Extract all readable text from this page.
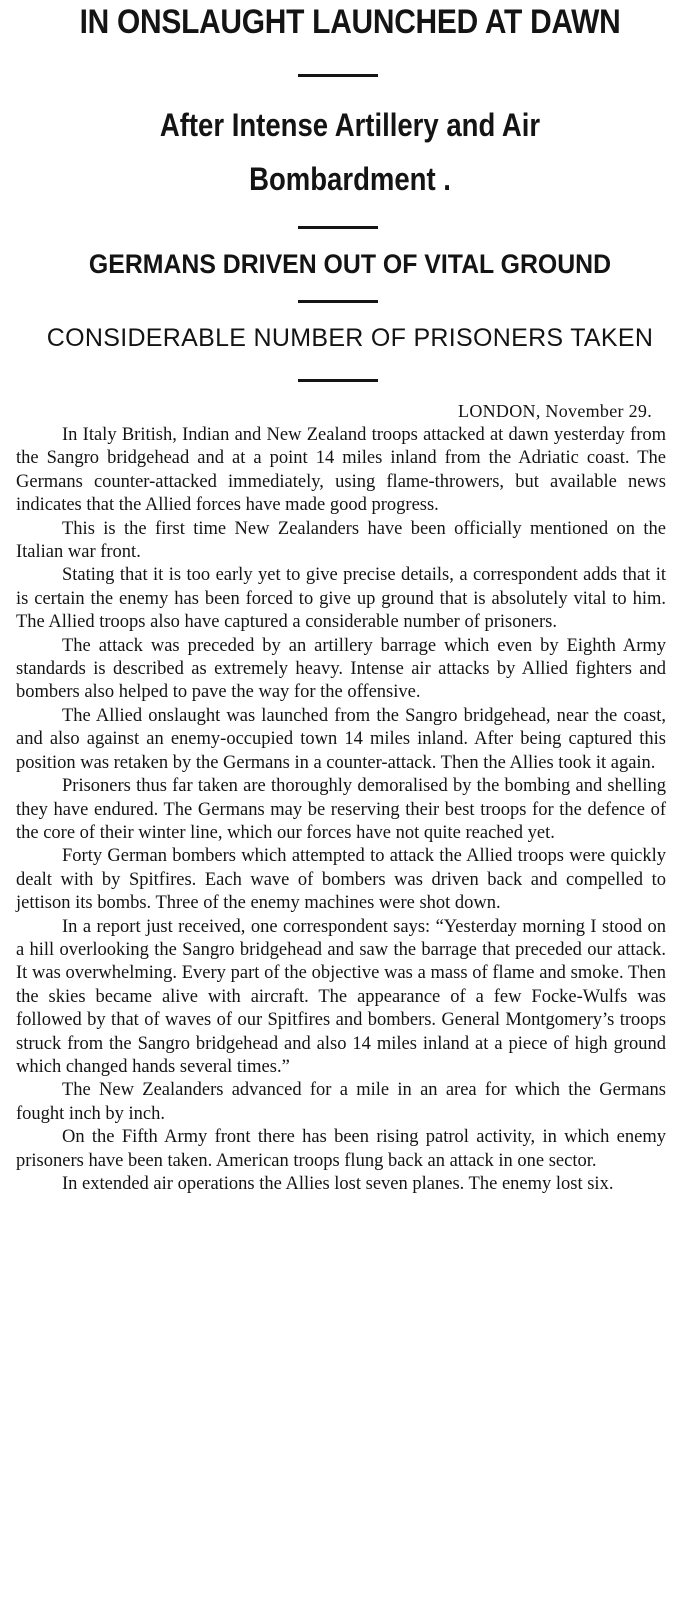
IN ONSLAUGHT LAUNCHED AT DAWN
After Intense Artillery and Air Bombardment .
GERMANS DRIVEN OUT OF VITAL GROUND
CONSIDERABLE NUMBER OF PRISONERS TAKEN
LONDON, November 29.

In Italy British, Indian and New Zealand troops attacked at dawn yesterday from the Sangro bridgehead and at a point 14 miles inland from the Adriatic coast. The Germans counter-attacked immediately, using flame-throwers, but available news indicates that the Allied forces have made good progress.

This is the first time New Zealanders have been officially mentioned on the Italian war front.

Stating that it is too early yet to give precise details, a correspondent adds that it is certain the enemy has been forced to give up ground that is absolutely vital to him. The Allied troops also have captured a considerable number of prisoners.

The attack was preceded by an artillery barrage which even by Eighth Army standards is described as extremely heavy. Intense air attacks by Allied fighters and bombers also helped to pave the way for the offensive.

The Allied onslaught was launched from the Sangro bridgehead, near the coast, and also against an enemy-occupied town 14 miles inland. After being captured this position was retaken by the Germans in a counter-attack. Then the Allies took it again.

Prisoners thus far taken are thoroughly demoralised by the bombing and shelling they have endured. The Germans may be reserving their best troops for the defence of the core of their winter line, which our forces have not quite reached yet.

Forty German bombers which attempted to attack the Allied troops were quickly dealt with by Spitfires. Each wave of bombers was driven back and compelled to jettison its bombs. Three of the enemy machines were shot down.

In a report just received, one correspondent says: “Yesterday morning I stood on a hill overlooking the Sangro bridgehead and saw the barrage that preceded our attack. It was overwhelming. Every part of the objective was a mass of flame and smoke. Then the skies became alive with aircraft. The appearance of a few Focke-Wulfs was followed by that of waves of our Spitfires and bombers. General Montgomery’s troops struck from the Sangro bridgehead and also 14 miles inland at a piece of high ground which changed hands several times.”

The New Zealanders advanced for a mile in an area for which the Germans fought inch by inch.

On the Fifth Army front there has been rising patrol activity, in which enemy prisoners have been taken. American troops flung back an attack in one sector.

In extended air operations the Allies lost seven planes. The enemy lost six.
